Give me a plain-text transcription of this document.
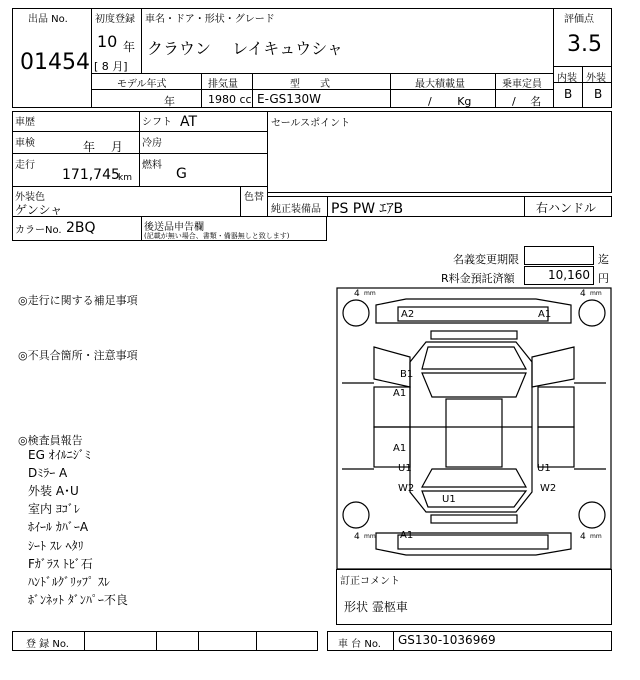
出品 No.
01454
初度登録
10 年
[ 8 月]
車名・ドア・形状・グレード
クラウン　 レイキュウシャ
評価点
3.5
内装 外装
B B
モデル年式	排気量	型　　式	最大積載量	乗車定員
年	1980 cc E-GS130W	/　　 Kg	/　 名
車歴	シフト AT
車検	年　 月 冷房
走行
171,745
km
燃料
G
外装色
ゲンシャ
色替
セールスポイント
純正装備品 PS PW ｴｱB	右ハンドル
カラーNo. 2BQ	後送品申告欄
(記載が無い場合、書類・備器無しと致します)
名義変更期限	迄
R料金預託済額	10,160 円
◎走行に関する補足事項
◎不具合箇所・注意事項
◎検査員報告
EG ｵｲﾙﾆｼﾞﾐ
Dﾐﾗｰ A
外装 A･U
室内 ﾖｺﾞﾚ
ﾎｲｰﾙ ｶﾊﾞｰA
ｼｰﾄ ｽﾚ ﾍﾀﾘ
Fｶﾞﾗｽ ﾄﾋﾞ石
ﾊﾝﾄﾞﾙｸﾞﾘｯﾌﾟ ｽﾚ
ﾎﾞﾝﾈｯﾄ ﾀﾞﾝﾊﾟｰ不良
4 mm	4 mm
4 mm	4 mm
A2	A1
B1
A1
A1
U1	U1
W2	W2
U1
A1
訂正コメント
形状 霊柩車
登 録 No.	車 台 No. GS130-1036969
